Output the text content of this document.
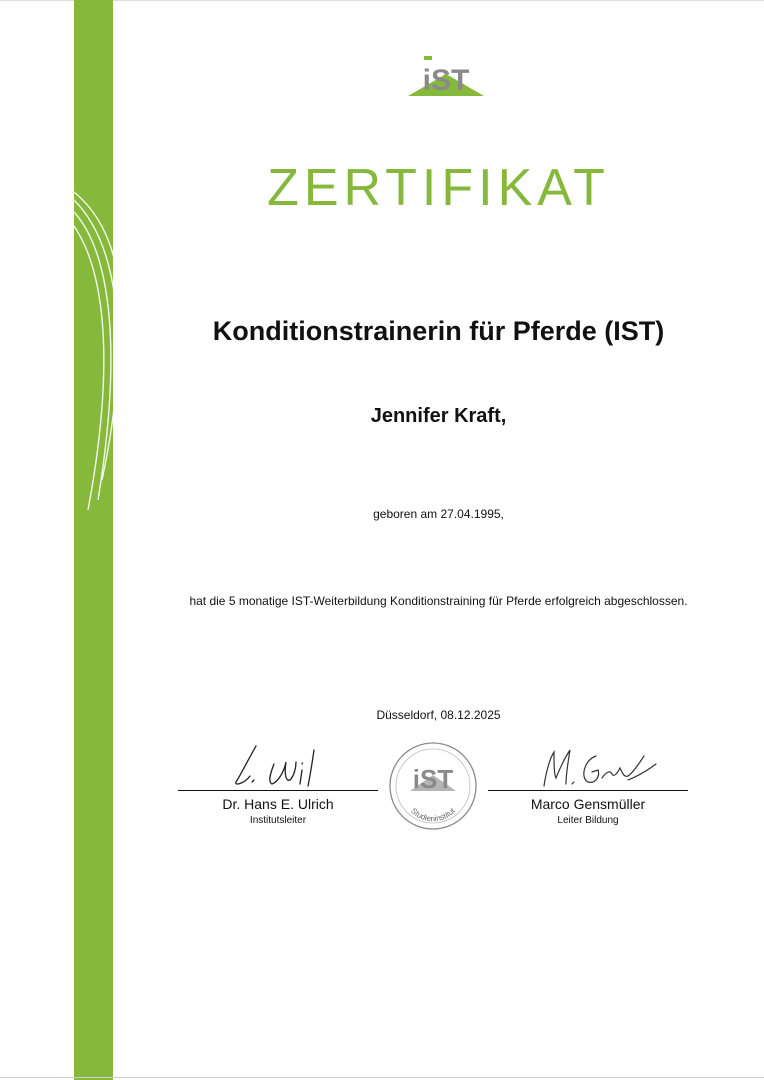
iST
ZERTIFIKAT
Konditionstrainerin für Pferde (IST)
Jennifer Kraft,
geboren am 27.04.1995,
hat die 5 monatige IST-Weiterbildung Konditionstraining für Pferde erfolgreich abgeschlossen.
Düsseldorf, 08.12.2025
Dr. Hans E. Ulrich
Institutsleiter
iST
Studieninstitut	Marco Gensmüller
Leiter Bildung
